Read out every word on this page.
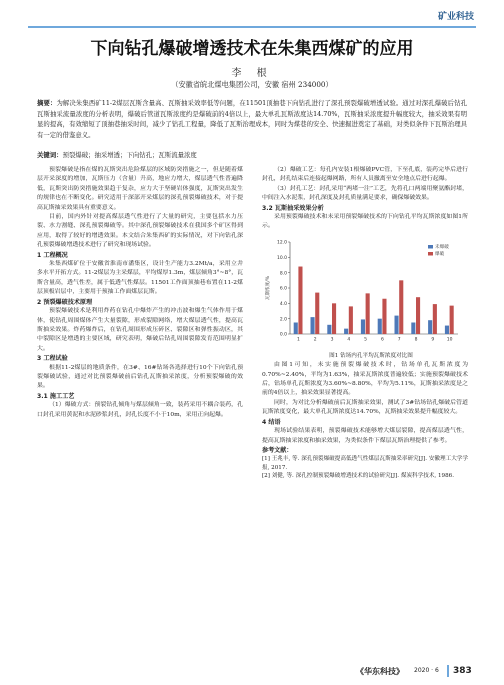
矿业科技
下向钻孔爆破增透技术在朱集西煤矿的应用
李 根
（安徽省皖北煤电集团公司，安徽 宿州 234000）
摘要：为解决朱集西矿11-2煤层瓦斯含量高、瓦斯抽采效率低等问题，在11501顶抽巷下向钻孔进行了深孔预裂爆破增透试验。通过对深孔爆破后钻孔瓦斯抽采流量浓度的分析表明，爆破后管道瓦斯浓度约是爆破前的4倍以上，最大单孔瓦斯浓度达14.70%，瓦斯抽采浓度提升幅度较大，抽采效果有明显的提高，有效缩短了顶抽巷抽采时间，减少了钻孔工程量，降低了瓦斯治理成本，同时为煤巷的安全、快速掘进奠定了基础，对类似条件下瓦斯治理具有一定的借鉴意义。
关键词：预裂爆破；抽采增透；下向钻孔；瓦斯流量浓度

预裂爆破是指在煤的瓦斯突出危险煤层的区域防突措施之一，但是随着煤层开采深度的增加，瓦斯压力（含量）升高，地应力增大，煤层透气性普遍降低，瓦斯突出防突措施效果趋于复杂，应力大于坚硬岩体强度，瓦斯突出发生的规律也在不断变化。研究适用于深部开采煤层的深孔预裂爆破技术，对于提高瓦斯抽采效果具有重要意义。

目前，国内外针对提高煤层透气性进行了大量的研究，主要包括水力压裂、水力割缝、深孔预裂爆破等。其中深孔预裂爆破技术在我国多个矿区得到应用，取得了较好的增透效果。本文结合朱集西矿的实际情况，对下向钻孔深孔预裂爆破增透技术进行了研究和现场试验。

1 工程概况

朱集西煤矿位于安徽省淮南市潘集区，设计生产能力3.2Mt/a，采用立井多水平开拓方式。11-2煤层为主采煤层，平均煤厚1.3m，煤层倾角3°~8°，瓦斯含量高，透气性差，属于低透气性煤层。11501工作面顶抽巷布置在11-2煤层顶板岩层中，主要用于预抽工作面煤层瓦斯。

2 预裂爆破技术原理

预裂爆破技术是利用炸药在钻孔中爆炸产生的冲击波和爆生气体作用于煤体，使钻孔周围煤体产生大量裂隙，形成裂隙网络，增大煤层透气性，提高瓦斯抽采效果。炸药爆炸后，在钻孔周围形成压碎区、裂隙区和弹性振动区，其中裂隙区是增透的主要区域，研究表明，爆破后钻孔周围裂隙发育范围明显扩大。

3 工程试验

根据11-2煤层的地质条件，在3#、16#钻场各选择进行10个下向钻孔预裂爆破试验，通过对比预裂爆破前后钻孔瓦斯抽采浓度，分析预裂爆破的效果。

3.1 施工工艺

（1）爆破方式：预裂钻孔倾角与煤层倾角一致，装药采用不耦合装药，孔口封孔采用黄泥和水泥砂浆封孔，封孔长度不小于10m，采用正向起爆。

（2）爆破工艺：每孔内安装1根爆破PVC管，下至孔底，装药完毕后进行封孔，封孔结束后连接起爆网路，所有人员撤离至安全地点后进行起爆。

（3）封孔工艺：封孔采用“两堵一注”工艺，先将孔口两端用聚氨酯封堵，中间注入水泥浆，封孔深度及封孔质量满足要求，确保爆破效果。

3.2 瓦斯抽采效果分析

采用预裂爆破技术和未采用预裂爆破技术的下向钻孔平均瓦斯浓度如图1所示。

0.0
2.0
4.0
6.0
8.0
10.0
12.0
瓦斯浓度/%
1	2	3	4	5	6	7	8	9	10
未爆破
爆破

图1 钻场内孔平均瓦斯浓度对比图

由图1可知，未实施预裂爆破技术时，钻场单孔瓦斯浓度为0.70%~2.40%，平均为1.63%，抽采瓦斯浓度普遍较低；实施预裂爆破技术后，钻场单孔瓦斯浓度为3.60%~8.80%，平均为5.11%，瓦斯抽采浓度是之前的4倍以上，抽采效果显著提高。

同时，为对比分析爆破前后瓦斯抽采效果，测试了3#钻场钻孔爆破后管道瓦斯浓度变化，最大单孔瓦斯浓度达14.70%，瓦斯抽采效果提升幅度较大。

4 结语

现场试验结果表明，预裂爆破技术能够增大煤层裂隙，提高煤层透气性，提高瓦斯抽采浓度和抽采效果，为类似条件下煤层瓦斯治理提供了参考。

参考文献：

[1] 王兆丰, 等. 深孔预裂爆破提高低透气性煤层瓦斯抽采率研究[J]. 安徽理工大学学报, 2017.

[2] 刘健, 等. 深孔控制预裂爆破增透技术的试验研究[J]. 煤炭科学技术, 1986.

《华东科技》 2020 · 6 383
